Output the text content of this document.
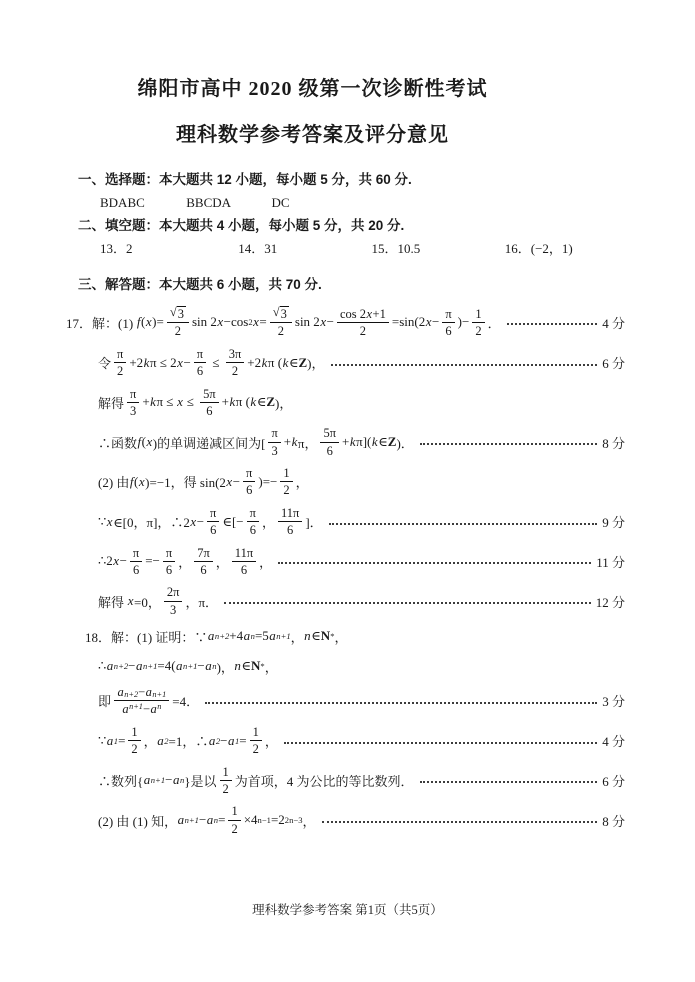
绵阳市高中 2020 级第一次诊断性考试
理科数学参考答案及评分意见
一、选择题：本大题共 12 小题，每小题 5 分，共 60 分.
BDABC	BBCDA	DC
二、填空题：本大题共 4 小题，每小题 5 分，共 20 分.
13．2	14．31	15．10.5	16．(−2，1)
三、解答题：本大题共 6 小题，共 70 分.
17．解：(1) f ( x )= $\frac{√ 3}{2}$ sin 2 x −cos 2 $x = \frac{√ 3}{2}$ sin 2 $x - \frac{\cos 2 x +1}{2} =\sin(2$ $x - \frac{\pi}{6}$ )− $\frac{1}{2}$ ．	4 分
令 $\frac{\pi}{2} +2$ k π ≤ 2 $x - \frac{\pi}{6} \le \frac{3\pi}{2} +2$ k π ( k ∈ Z )，	6 分
解得 $\frac{\pi}{3} + k$ $\pi \le x \le \frac{5\pi}{6} + k$ π ( k ∈ Z )，
∴函数 f ( x )的单调递减区间为[ $\frac{\pi}{3} + k$ π， $\frac{5\pi}{6} + k$ π]( k ∈ Z )．	8 分
(2) 由 f ( x )=−1，得 sin(2 $x - \frac{\pi}{6}$ )=− $\frac{1}{2}$ ，
∵ x ∈[0，π]，∴2 $x - \frac{\pi}{6}$ ∈[− $\frac{\pi}{6}$ ， $\frac{11\pi}{6}$ ]．	9 分
∴2 $x - \frac{\pi}{6} =- \frac{\pi}{6}$ ， $\frac{7\pi}{6}$ ， $\frac{11\pi}{6}$ ，	11 分
解得 x =0， $\frac{2\pi}{3}$ ，π．	12 分
18．解：(1) 证明：∵ a n+2 +4 a n =5 a n+1 ， n ∈ N * ，
∴ a n+2 − a n+1 =4( a n+1 − a n )， n ∈ N * ，
即 $\frac{\text{a n+2 − a n+1}}{\text{a n+1 − a n}} =4$．	3 分
∵ a $1 = \frac{1}{2}$ ， a 2 =1，∴ a 2 − a $1 = \frac{1}{2}$ ，	4 分
∴数列{ a n+1 − a n }是以 $\frac{1}{2}$ 为首项，4 为公比的等比数列．	6 分
(2) 由 (1) 知， a n+1 − a $n = \frac{1}{2} \times 4$ n−1 =2 2n−3 ，	8 分
理科数学参考答案 第1页（共5页）
